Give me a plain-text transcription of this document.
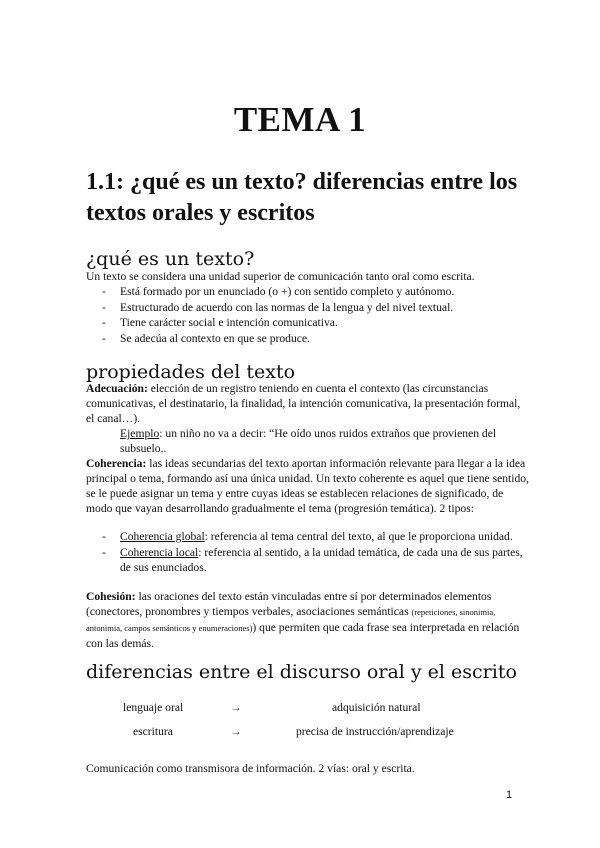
TEMA 1
1.1: ¿qué es un texto? diferencias entre los textos orales y escritos
¿qué es un texto?

Un texto se considera una unidad superior de comunicación tanto oral como escrita.

- Está formado por un enunciado (o +) con sentido completo y autónomo.
- Estructurado de acuerdo con las normas de la lengua y del nivel textual.
- Tiene carácter social e intención comunicativa.
- Se adecúa al contexto en que se produce.
propiedades del texto

Adecuación: elección de un registro teniendo en cuenta el contexto (las circunstancias comunicativas, el destinatario, la finalidad, la intención comunicativa, la presentación formal, el canal…).

Ejemplo: un niño no va a decir: “He oído unos ruidos extraños que provienen del subsuelo..

Coherencia: las ideas secundarias del texto aportan información relevante para llegar a la idea principal o tema, formando así una única unidad. Un texto coherente es aquel que tiene sentido, se le puede asignar un tema y entre cuyas ideas se establecen relaciones de significado, de modo que vayan desarrollando gradualmente el tema (progresión temática). 2 tipos:

- Coherencia global: referencia al tema central del texto, al que le proporciona unidad.
- Coherencia local: referencia al sentido, a la unidad temática, de cada una de sus partes, de sus enunciados.

Cohesión: las oraciones del texto están vinculadas entre sí por determinados elementos (conectores, pronombres y tiempos verbales, asociaciones semánticas (repeticiones, sinonimia, antonimia, campos semánticos y enumeraciones)) que permiten que cada frase sea interpretada en relación con las demás.

diferencias entre el discurso oral y el escrito
lenguaje oral	→	adquisición natural
escritura	→	precisa de instrucción/aprendizaje

Comunicación como transmisora de información. 2 vías: oral y escrita.

1
